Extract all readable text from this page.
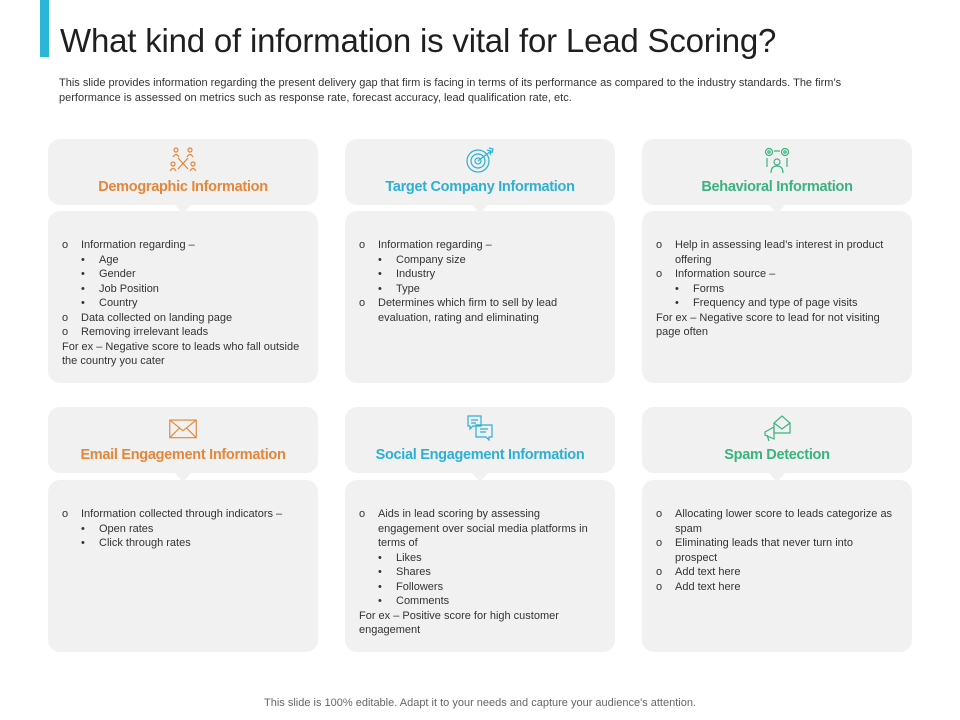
What kind of information is vital for Lead Scoring?

This slide provides information regarding the present delivery gap that firm is facing in terms of its performance as compared to the industry standards. The firm’s performance is assessed on metrics such as response rate, forecast accuracy, lead qualification rate, etc.

Demographic Information
o	Information regarding –
•	Age
•	Gender
•	Job Position
•	Country
o	Data collected on landing page
o	Removing irrelevant leads
For ex – Negative score to leads who fall outside the country you cater
Target Company Information
o	Information regarding –
•	Company size
•	Industry
•	Type
o	Determines which firm to sell by lead evaluation, rating and eliminating
Behavioral Information
o	Help in assessing lead’s interest in product offering
o	Information source –
•	Forms
•	Frequency and type of page visits
For ex – Negative score to lead for not visiting page often
Email Engagement Information
o	Information collected through indicators –
•	Open rates
•	Click through rates
Social Engagement Information
o	Aids in lead scoring by assessing engagement over social media platforms in terms of
•	Likes
•	Shares
•	Followers
•	Comments
For ex – Positive score for high customer engagement
Spam Detection
o	Allocating lower score to leads categorize as spam
o	Eliminating leads that never turn into prospect
o	Add text here
o	Add text here
This slide is 100% editable. Adapt it to your needs and capture your audience's attention.
